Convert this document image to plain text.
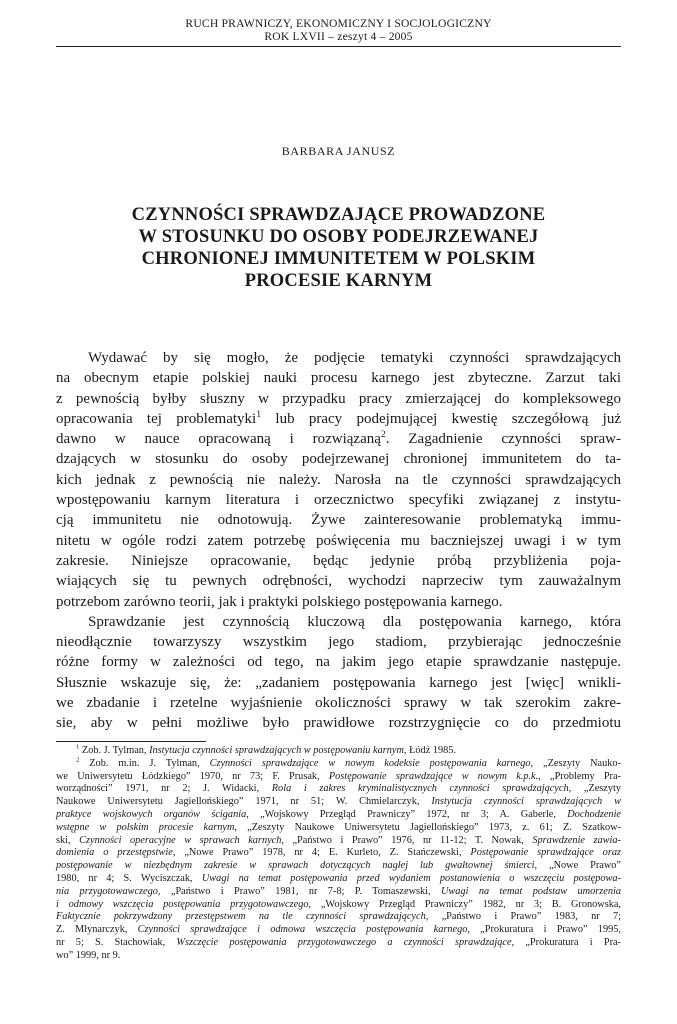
RUCH PRAWNICZY, EKONOMICZNY I SOCJOLOGICZNY
ROK LXVII – zeszyt 4 – 2005
BARBARA JANUSZ
CZYNNOŚCI SPRAWDZAJĄCE PROWADZONE
W STOSUNKU DO OSOBY PODEJRZEWANEJ
CHRONIONEJ IMMUNITETEM W POLSKIM
PROCESIE KARNYM
Wydawać by się mogło, że podjęcie tematyki czynności sprawdzających
na obecnym etapie polskiej nauki procesu karnego jest zbyteczne. Zarzut taki
z pewnością byłby słuszny w przypadku pracy zmierzającej do kompleksowego
opracowania tej problematyki$^1$ lub pracy podejmującej kwestię szczegółową już
dawno w nauce opracowaną i rozwiązaną$^2$. Zagadnienie czynności spraw-
dzających w stosunku do osoby podejrzewanej chronionej immunitetem do ta-
kich jednak z pewnością nie należy. Narosła na tle czynności sprawdzających
wpostępowaniu karnym literatura i orzecznictwo specyfiki związanej z instytu-
cją immunitetu nie odnotowują. Żywe zainteresowanie problematyką immu-
nitetu w ogóle rodzi zatem potrzebę poświęcenia mu baczniejszej uwagi i w tym
zakresie. Niniejsze opracowanie, będąc jedynie próbą przybliżenia poja-
wiających się tu pewnych odrębności, wychodzi naprzeciw tym zauważalnym
potrzebom zarówno teorii, jak i praktyki polskiego postępowania karnego.
Sprawdzanie jest czynnością kluczową dla postępowania karnego, która
nieodłącznie towarzyszy wszystkim jego stadiom, przybierając jednocześnie
różne formy w zależności od tego, na jakim jego etapie sprawdzanie następuje.
Słusznie wskazuje się, że: „zadaniem postępowania karnego jest [więc] wnikli-
we zbadanie i rzetelne wyjaśnienie okoliczności sprawy w tak szerokim zakre-
sie, aby w pełni możliwe było prawidłowe rozstrzygnięcie co do przedmiotu
$^1$ Zob. J. Tylman, Instytucja czynności sprawdzających w postępowaniu karnym, Łódź 1985.
$^2$ Zob. m.in. J. Tylman, Czynności sprawdzające w nowym kodeksie postępowania karnego, „Zeszyty Nauko-
we Uniwersytetu Łódzkiego” 1970, nr 73; F. Prusak, Postępowanie sprawdzające w nowym k.p.k., „Problemy Pra-
worządności” 1971, nr 2; J. Widacki, Rola i zakres kryminalistycznych czynności sprawdzających, „Zeszyty
Naukowe Uniwersytetu Jagiellońskiego” 1971, nr 51; W. Chmielarczyk, Instytucja czynności sprawdzających w
praktyce wojskowych organów ścigania, „Wojskowy Przegląd Prawniczy” 1972, nr 3; A. Gaberle, Dochodzenie
wstępne w polskim procesie karnym, „Zeszyty Naukowe Uniwersytetu Jagiellońskiego” 1973, z. 61; Z. Szatkow-
ski, Czynności operacyjne w sprawach karnych, „Państwo i Prawo” 1976, nr 11-12; T. Nowak, Sprawdzenie zawia-
domienia o przestępstwie, „Nowe Prawo” 1978, nr 4; E. Kurleto, Z. Stańczewski, Postępowanie sprawdzające oraz
postępowanie w niezbędnym zakresie w sprawach dotyczących nagłej lub gwałtownej śmierci, „Nowe Prawo”
1980, nr 4; S. Wyciszczak, Uwagi na temat postępowania przed wydaniem postanowienia o wszczęciu postępowa-
nia przygotowawczego, „Państwo i Prawo” 1981, nr 7-8; P. Tomaszewski, Uwagi na temat podstaw umorzenia
i odmowy wszczęcia postępowania przygotowawczego, „Wojskowy Przegląd Prawniczy” 1982, nr 3; B. Gronowska,
Faktycznie pokrzywdzony przestępstwem na tle czynności sprawdzających, „Państwo i Prawo” 1983, nr 7;
Z. Młynarczyk, Czynności sprawdzające i odmowa wszczęcia postępowania karnego, „Prokuratura i Prawo” 1995,
nr 5; S. Stachowiak, Wszczęcie postępowania przygotowawczego a czynności sprawdzające, „Prokuratura i Pra-
wo” 1999, nr 9.
